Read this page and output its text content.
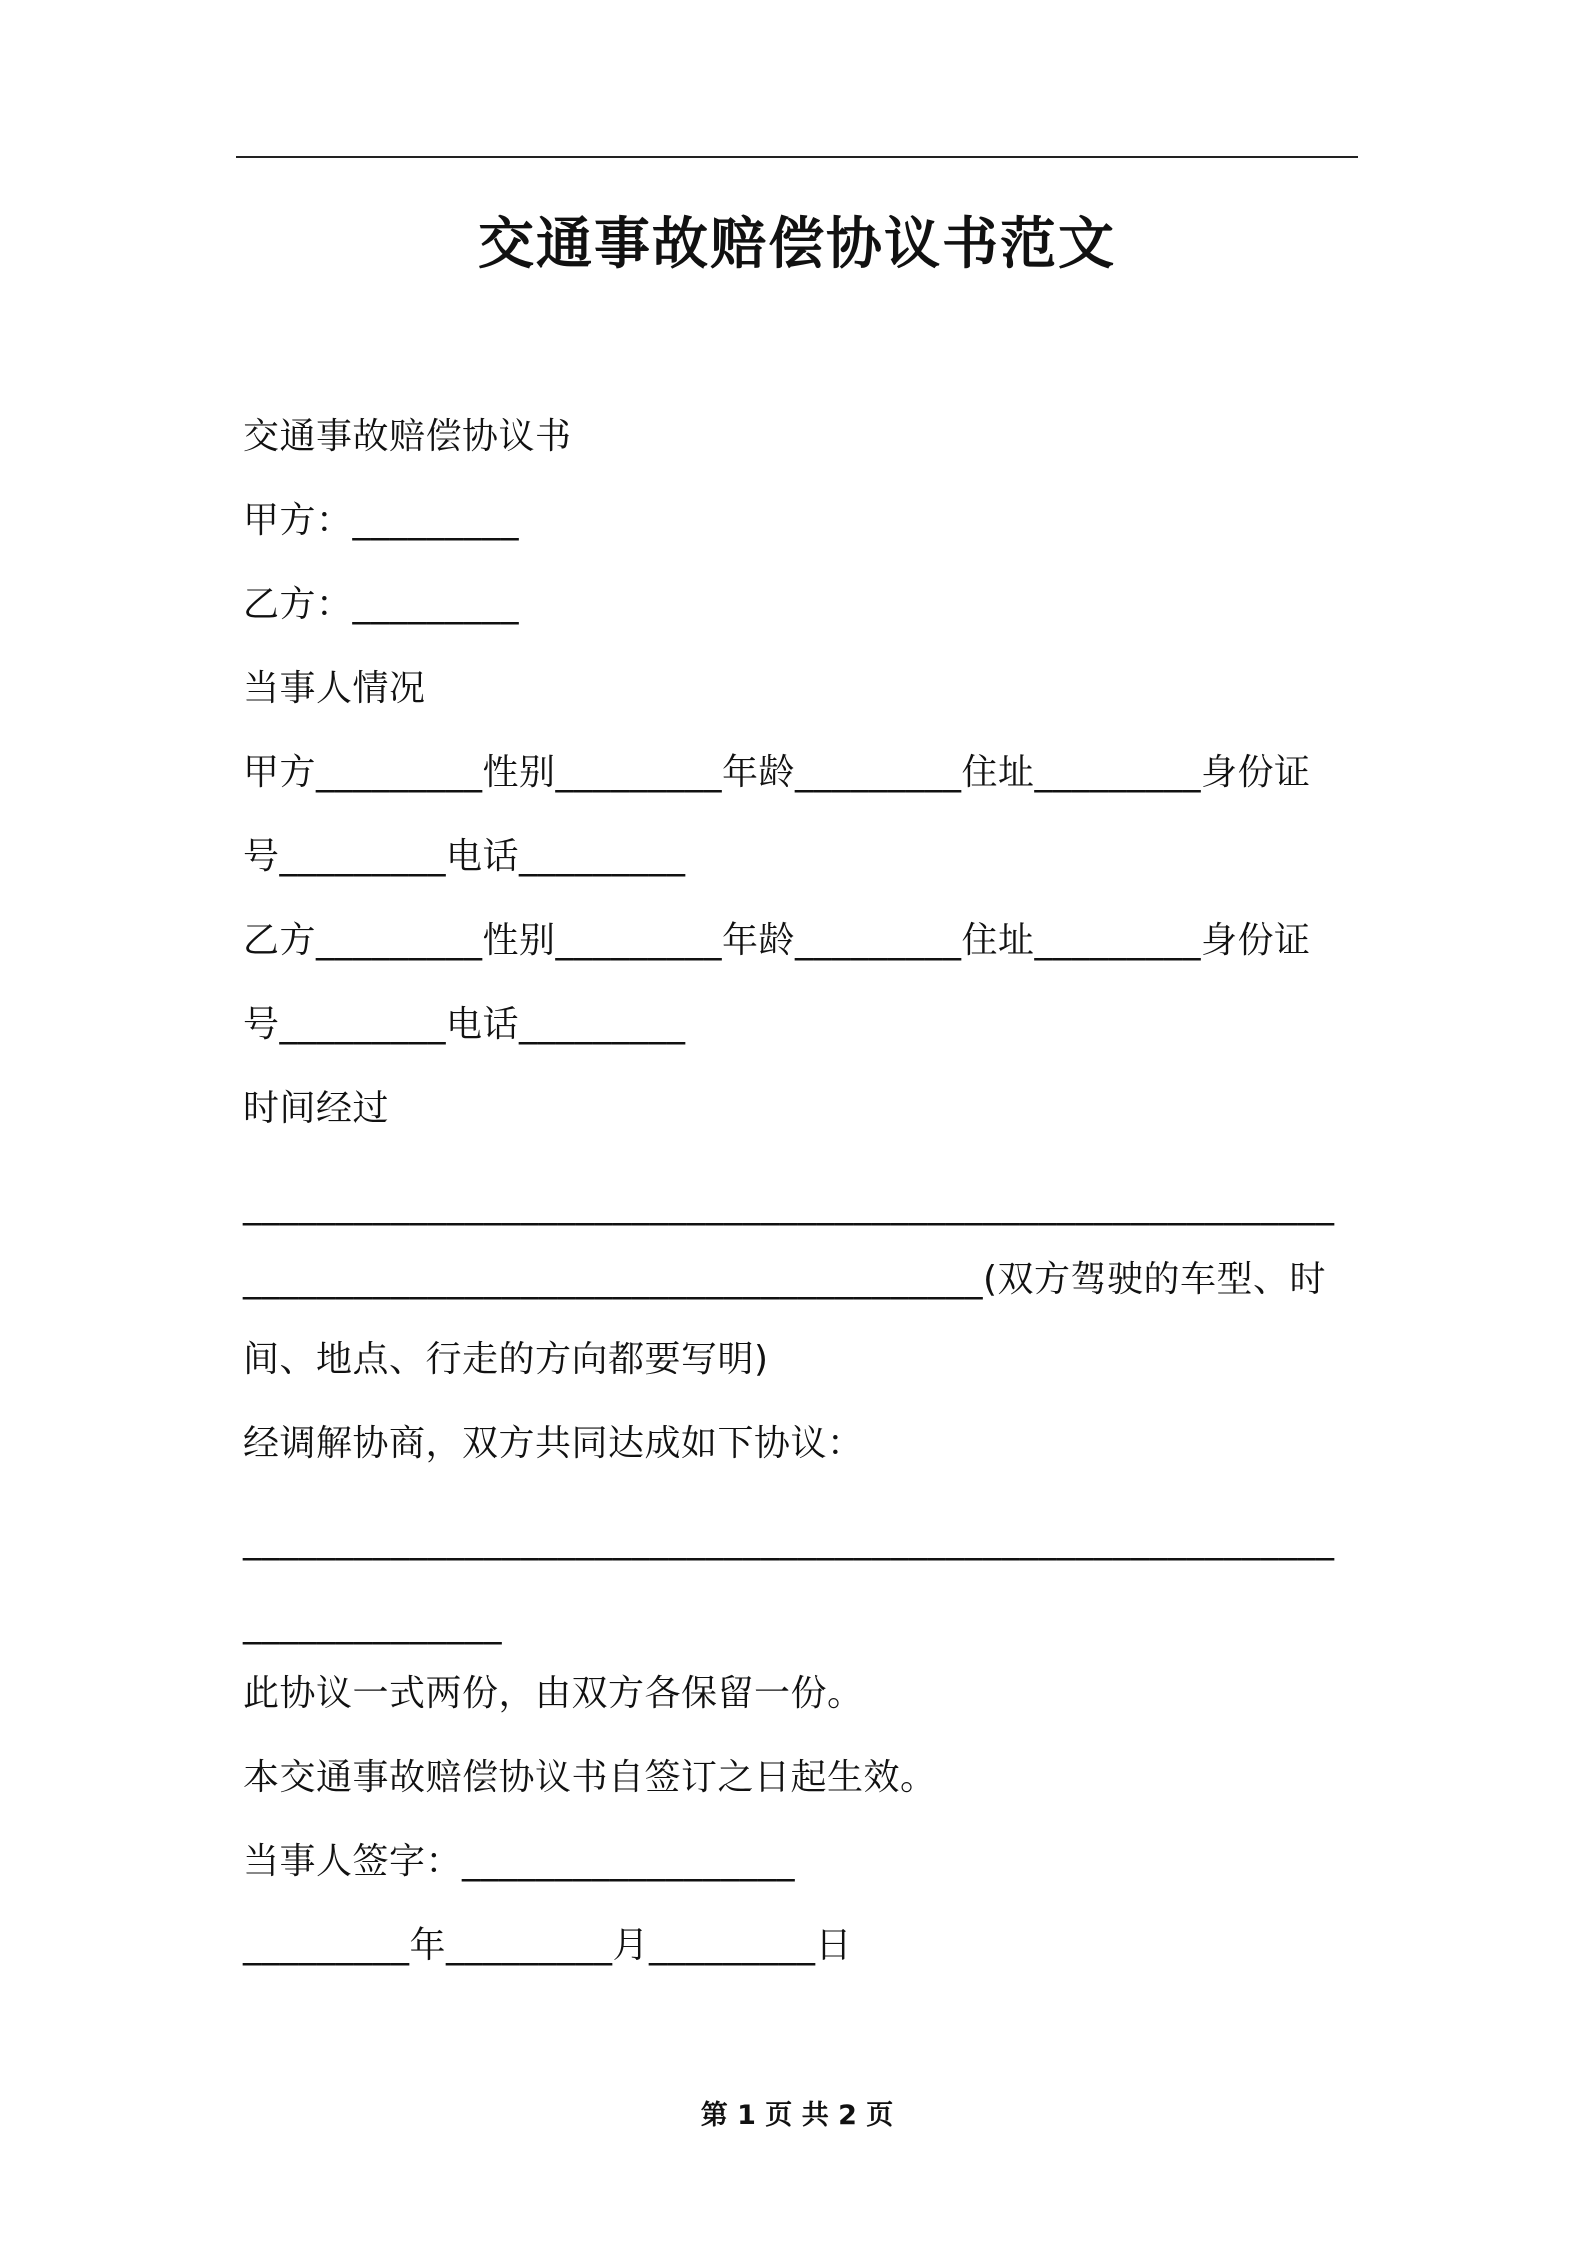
交通事故赔偿协议书范文
交通事故赔偿协议书
甲方：_________
乙方：_________
当事人情况
甲方_________性别_________年龄_________住址_________身份证
号_________电话_________
乙方_________性别_________年龄_________住址_________身份证
号_________电话_________
时间经过
___________________________________________________________
________________________________________(双方驾驶的车型、时
间、地点、行走的方向都要写明)
经调解协商，双方共同达成如下协议：
___________________________________________________________
______________
此协议一式两份，由双方各保留一份。
本交通事故赔偿协议书自签订之日起生效。
当事人签字：__________________
_________年_________月_________日
第 1 页 共 2 页
